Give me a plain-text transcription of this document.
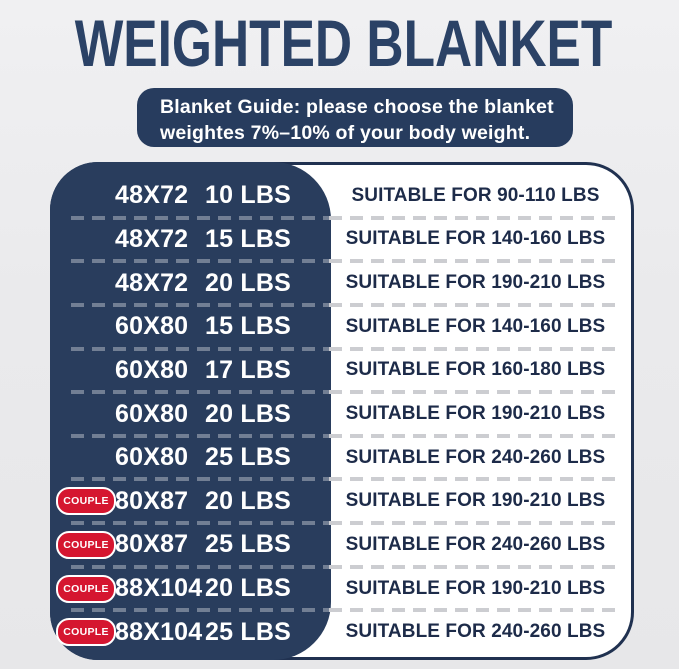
WEIGHTED BLANKET
Blanket Guide: please choose the blanket
weightes 7%–10% of your body weight.
48X72 10 LBS	SUITABLE FOR 90-110 LBS
48X72 15 LBS	SUITABLE FOR 140-160 LBS
48X72 20 LBS	SUITABLE FOR 190-210 LBS
60X80 15 LBS	SUITABLE FOR 140-160 LBS
60X80 17 LBS	SUITABLE FOR 160-180 LBS
60X80 20 LBS	SUITABLE FOR 190-210 LBS
60X80 25 LBS	SUITABLE FOR 240-260 LBS
COUPLE 80X87 20 LBS	SUITABLE FOR 190-210 LBS
COUPLE 80X87 25 LBS	SUITABLE FOR 240-260 LBS
COUPLE 88X104 20 LBS	SUITABLE FOR 190-210 LBS
COUPLE 88X104 25 LBS	SUITABLE FOR 240-260 LBS
